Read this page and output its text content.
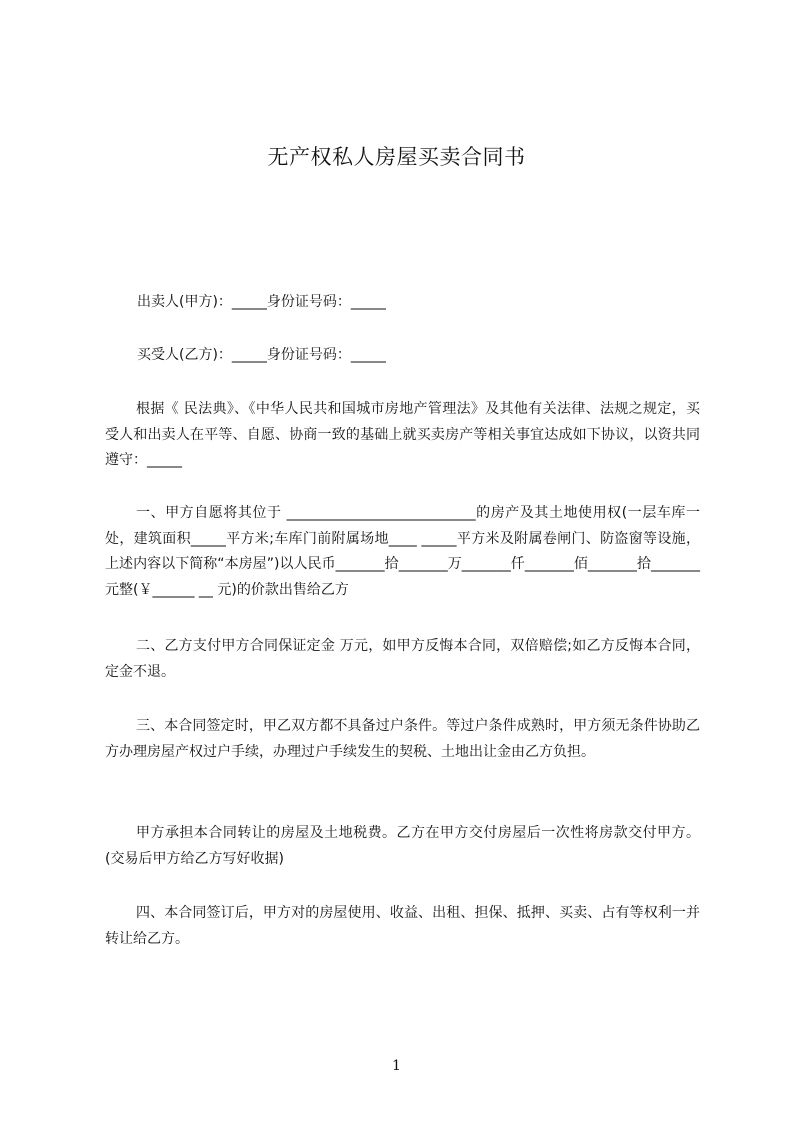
无产权私人房屋买卖合同书
出卖人(甲方)：_____身份证号码：_____
买受人(乙方)：_____身份证号码：_____

根据《 民法典》、《中华人民共和国城市房地产管理法》及其他有关法律、法规之规定，买受人和出卖人在平等、自愿、协商一致的基础上就买卖房产等相关事宜达成如下协议，以资共同遵守：_____

一、甲方自愿将其位于 ___________________________的房产及其土地使用权(一层车库一处，建筑面积_____平方米;车库门前附属场地____ _____平方米及附属卷闸门、防盗窗等设施，上述内容以下简称“本房屋”)以人民币_______拾_______万_______仟_______佰_______拾_______元整(￥______ __ 元)的价款出售给乙方

二、乙方支付甲方合同保证定金 万元，如甲方反悔本合同，双倍赔偿;如乙方反悔本合同，定金不退。

三、本合同签定时，甲乙双方都不具备过户条件。等过户条件成熟时，甲方须无条件协助乙方办理房屋产权过户手续，办理过户手续发生的契税、土地出让金由乙方负担。

甲方承担本合同转让的房屋及土地税费。乙方在甲方交付房屋后一次性将房款交付甲方。(交易后甲方给乙方写好收据)

四、本合同签订后，甲方对的房屋使用、收益、出租、担保、抵押、买卖、占有等权利一并转让给乙方。

1
